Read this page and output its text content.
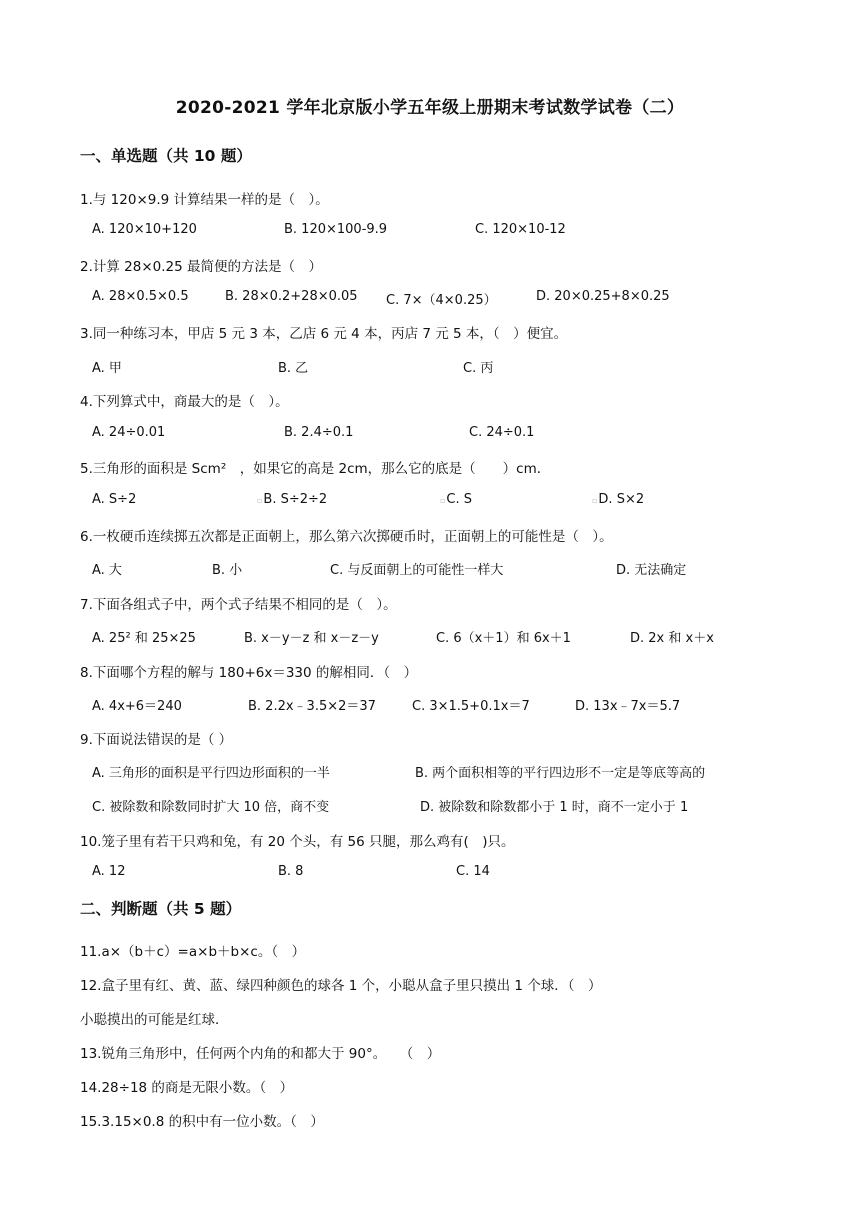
2020-2021 学年北京版小学五年级上册期末考试数学试卷（二）
一、单选题（共 10 题）
1.与 120×9.9 计算结果一样的是（　）。
A. 120×10+120	B. 120×100-9.9	C. 120×10-12
2.计算 28×0.25 最简便的方法是（　）
A. 28×0.5×0.5	B. 28×0.2+28×0.05 C. 7×（4×0.25）	D. 20×0.25+8×0.25
3.同一种练习本，甲店 5 元 3 本，乙店 6 元 4 本，丙店 7 元 5 本，（　）便宜。
A. 甲	B. 乙	C. 丙
4.下列算式中，商最大的是（　）。
A. 24÷0.01	B. 2.4÷0.1	C. 24÷0.1
5.三角形的面积是 Scm²　，如果它的高是 2cm，那么它的底是（　　）cm．
A. S÷2	▫B. S÷2÷2	▫C. S	▫D. S×2
6.一枚硬币连续掷五次都是正面朝上，那么第六次掷硬币时，正面朝上的可能性是（　）。
A. 大	B. 小	C. 与反面朝上的可能性一样大	D. 无法确定
7.下面各组式子中，两个式子结果不相同的是（　）。
A. 25² 和 25×25	B. x－y－z 和 x－z－y	C. 6（x＋1）和 6x＋1	D. 2x 和 x＋x
8.下面哪个方程的解与 180+6x＝330 的解相同．（　）
A. 4x+6＝240	B. 2.2x﹣3.5×2＝37	C. 3×1.5+0.1x＝7	D. 13x﹣7x＝5.7
9.下面说法错误的是（ ）
A. 三角形的面积是平行四边形面积的一半	B. 两个面积相等的平行四边形不一定是等底等高的
C. 被除数和除数同时扩大 10 倍，商不变	D. 被除数和除数都小于 1 时，商不一定小于 1
10.笼子里有若干只鸡和兔，有 20 个头，有 56 只腿，那么鸡有(　)只。
A. 12	B. 8	C. 14
二、判断题（共 5 题）
11.a×（b＋c）=a×b＋b×c。（　）
12.盒子里有红、黄、蓝、绿四种颜色的球各 1 个，小聪从盒子里只摸出 1 个球．（　）
小聪摸出的可能是红球．
13.锐角三角形中，任何两个内角的和都大于 90°。　　（　）
14.28÷18 的商是无限小数。（　）
15.3.15×0.8 的积中有一位小数。（　）
